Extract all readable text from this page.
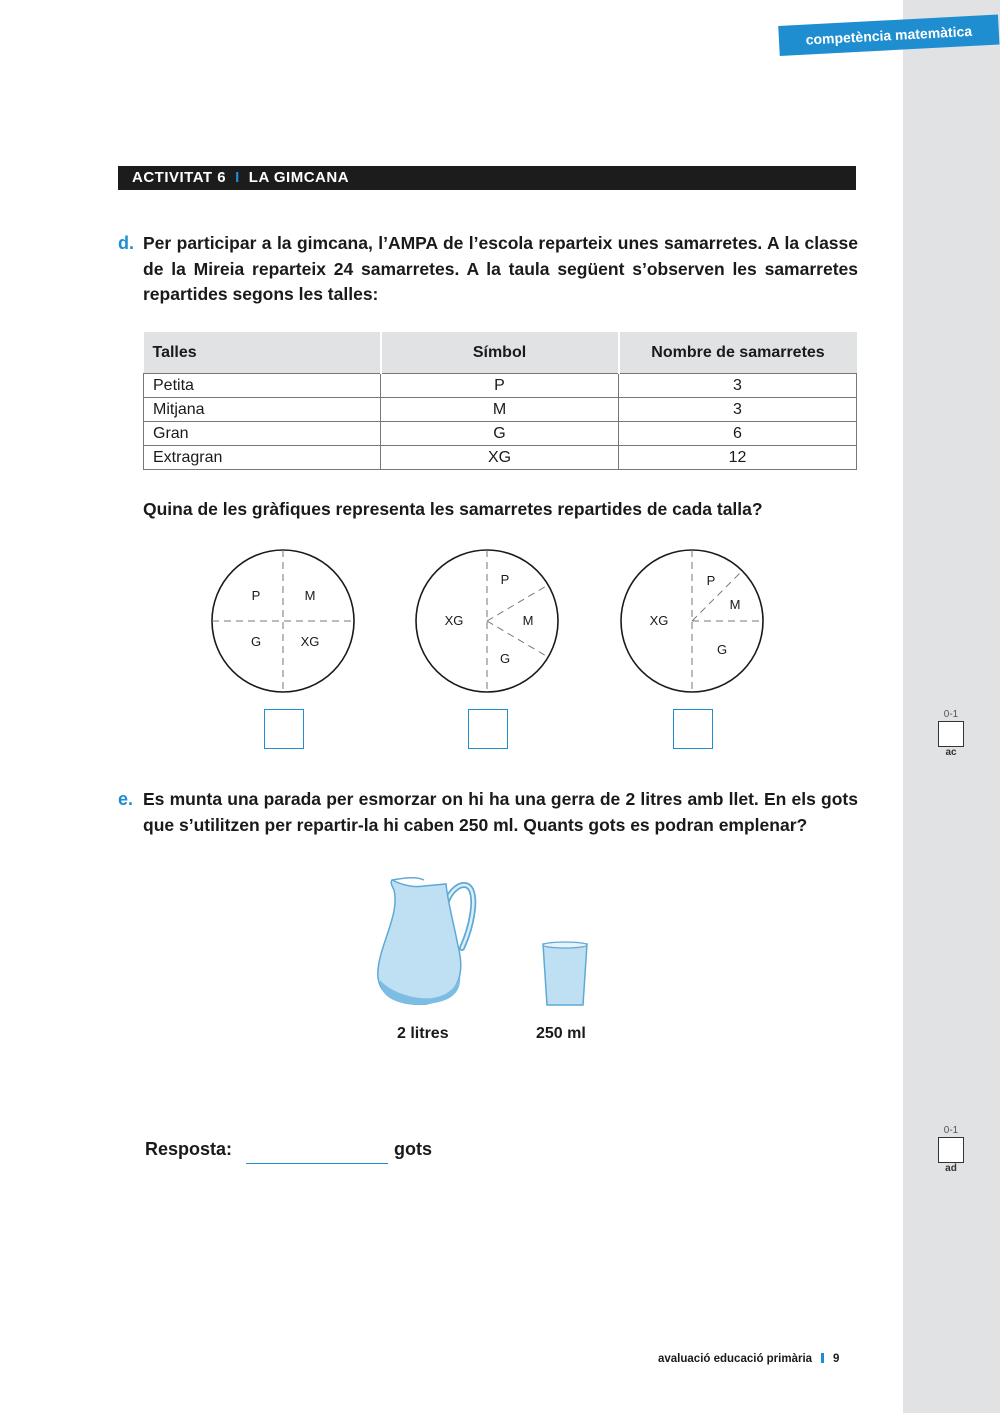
competència matemàtica
ACTIVITAT 6 I LA GIMCANA
d. Per participar a la gimcana, l’AMPA de l’escola reparteix unes samarretes. A la classe de la Mireia reparteix 24 samarretes. A la taula següent s’observen les samarretes repartides segons les talles:
Talles	Símbol	Nombre de samarretes
Petita	P	3
Mitjana	M	3
Gran	G	6
Extragran	XG	12
Quina de les gràfiques representa les samarretes repartides de cada talla?
P	M
G	XG
P
M
G
XG
P
M
G
XG
e. Es munta una parada per esmorzar on hi ha una gerra de 2 litres amb llet. En els gots que s’utilitzen per repartir-la hi caben 250 ml. Quants gots es podran emplenar?
2 litres	250 ml
Resposta:	gots
0-1
ac
0-1
ad
avaluació educació primària 9
